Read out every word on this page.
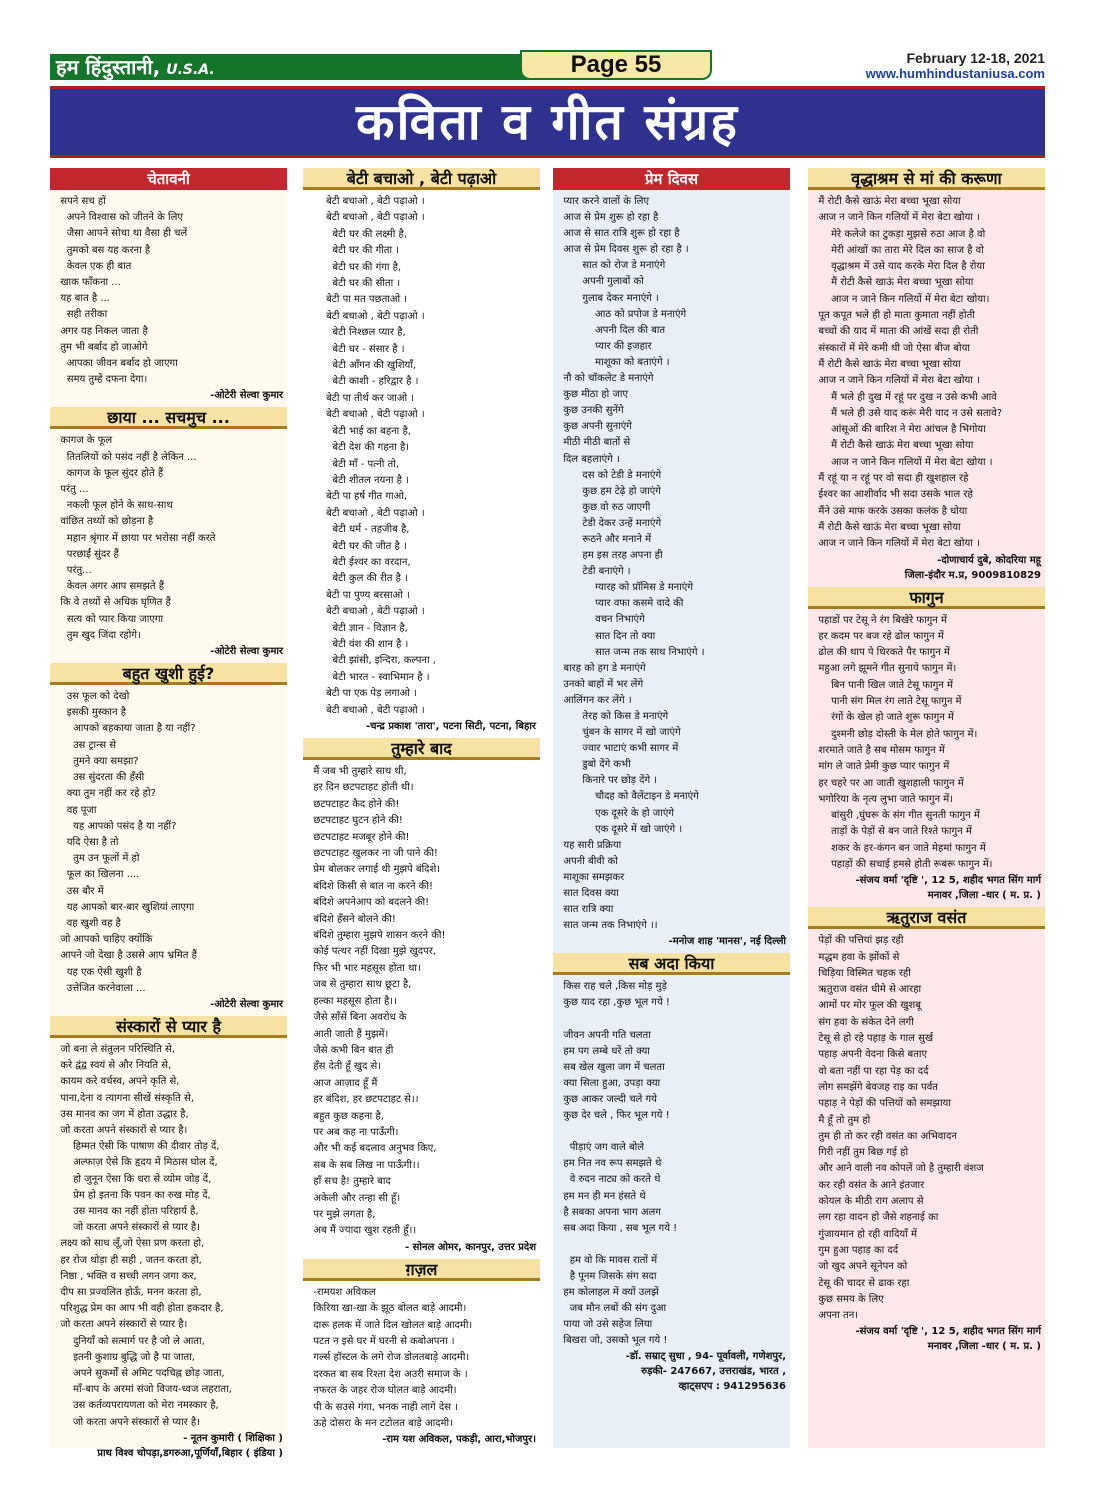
हम हिंदुस्तानी, U.S.A.	Page 55	February 12-18, 2021
www.humhindustaniusa.com
कविता व गीत संग्रह
चेतावनी
सपने सच हों
अपने विश्वास को जीतने के लिए
जैसा आपने सोचा था वैसा ही चलें
तुमको बस यह करना है
केवल एक ही बात
खाक फाँकना ...
यह बात है ...
सही तरीका
अगर यह निकल जाता है
तुम भी बर्बाद हो जाओगे
आपका जीवन बर्बाद हो जाएगा
समय तुम्हें दफना देगा।
-ओटेरी सेल्वा कुमार
छाया ... सचमुच ...
कागज के फूल
तितलियों को पसंद नहीं है लेकिन ...
कागज के फूल सुंदर होते हैं
परंतु ...
नकली फूल होने के साथ-साथ
वांछित तथ्यों को छोड़ना है
महान श्रृंगार में छाया पर भरोसा नहीं करते
परछाईं सुंदर हैं
परंतु...
केवल अगर आप समझते हैं
कि वे तथ्यों से अधिक घृणित हैं
सत्य को प्यार किया जाएगा
तुम खुद जिंदा रहोगे।
-ओटेरी सेल्वा कुमार
बहुत खुशी हुई?
उस फूल को देखो
इसकी मुस्कान है
आपको बहकाया जाता है या नहीं?
उस ट्रान्स से
तुमने क्या समझा?
उस सुंदरता की हँसी
क्या तुम नहीं कर रहे हो?
वह पूजा
यह आपको पसंद है या नहीं?
यदि ऐसा है तो
तुम उन फूलों में हो
फूल का खिलना ....
उस बौर में
यह आपको बार-बार खुशियां लाएगा
वह खुशी वह है
जो आपको चाहिए क्योंकि
आपने जो देखा है उससे आप भ्रमित हैं
यह एक ऐसी खुशी है
उत्तेजित करनेवाला ...
-ओटेरी सेल्वा कुमार
संस्कारों से प्यार है
जो बना ले संतुलन परिस्थिति से,
करे द्वंद्व स्वयं से और नियति से,
कायम करे वर्चस्व, अपने कृति से,
पाना,देना व त्यागना सीखें संस्कृति से,
उस मानव का जग में होता उद्धार है,
जो करता अपने संस्कारों से प्यार है।
हिम्मत ऐसी कि पाषाण की दीवार तोड़ दें,
अल्फाज़ ऐसे कि हृदय में मिठास घोल दें,
हो जुनून ऐसा कि धरा से व्योम जोड़ दें,
प्रेम हो इतना कि पवन का रुख मोड़ दें,
उस मानव का नहीं होता परिहार्य है,
जो करता अपने संस्कारों से प्यार है।
लक्ष्य को साध लूँ,जो ऐसा प्रण करता हो,
हर रोज थोड़ा ही सही , जतन करता हो,
निष्ठा , भक्ति व सच्ची लगन जगा कर,
दीप सा प्रज्वलित होऊँ, मनन करता हो,
परिशुद्ध प्रेम का आप भी वही होता हकदार है,
जो करता अपने संस्कारों से प्यार है।
दुनियाँ को सत्मार्ग पर है जो ले आता,
इतनी कुशाग्र बुद्धि जो है पा जाता,
अपने सुकर्मों से अमिट पदचिह्न छोड़ जाता,
माँ-बाप के अरमां संजो विजय-ध्वज लहराता,
उस कर्तव्यपरायणता को मेरा नमस्कार है,
जो करता अपने संस्कारों से प्यार है।
- नूतन कुमारी ( शिक्षिका )
प्राथ विश्व चोपड़ा,डगरुआ,पूर्णियाँ,बिहार ( इंडिया )
बेटी बचाओ , बेटी पढ़ाओ
बेटी बचाओ , बेटी पढ़ाओ ।
बेटी बचाओ , बेटी पढ़ाओ ।
बेटी घर की लक्ष्मी है,
बेटी घर की गीता ।
बेटी घर की गंगा है,
बेटी घर की सीता ।
बेटी पा मत पछताओ ।
बेटी बचाओ , बेटी पढ़ाओ ।
बेटी निश्छल प्यार है,
बेटी घर - संसार है ।
बेटी आँगन की खुशियाँ,
बेटी काशी - हरिद्वार है ।
बेटी पा तीर्थ कर जाओ ।
बेटी बचाओ , बेटी पढ़ाओ ।
बेटी भाई का बहना है,
बेटी देश की गहना है।
बेटी माँ - पत्नी तो,
बेटी शीतल नयना है ।
बेटी पा हर्ष गीत गाओ,
बेटी बचाओ , बेटी पढ़ाओ ।
बेटी धर्म - तहजीब है,
बेटी घर की जीत है ।
बेटी ईश्वर का वरदान,
बेटी कुल की रीत है ।
बेटी पा पुण्य बरसाओ ।
बेटी बचाओ , बेटी पढ़ाओ ।
बेटी ज्ञान - विज्ञान है,
बेटी वंश की शान है ।
बेटी झांसी, इन्दिरा, कल्पना ,
बेटी भारत - स्वाभिमान है ।
बेटी पा एक पेड़ लगाओ ।
बेटी बचाओ , बेटी पढ़ाओ ।
-चन्द्र प्रकाश 'तारा', पटना सिटी, पटना, बिहार
तुम्हारे बाद
मैं जब भी तुम्हारे साथ थी,
हर दिन छटपटाहट होती थी।
छटपटाहट कैद होने की!
छटपटाहट घुटन होने की!
छटपटाहट मजबूर होने की!
छटपटाहट खुलकर ना जी पाने की!
प्रेम बोलकर लगाई थी मुझपे बंदिशे।
बंदिशे किसी से बात ना करने की!
बंदिशे अपनेआप को बदलने की!
बंदिशे हँसने बोलने की!
बंदिशे तुम्हारा मुझपे शासन करने की!
कोई पत्थर नहीं दिखा मुझे खुदपर,
फिर भी भार महसूस होता था।
जब से तुम्हारा साथ छूटा है,
हल्का महसूस होता है।।
जैसे साँसें बिना अवरोध के
आती जाती हैं मुझमें।
जैसे कभी बिन बात ही
हँस देती हूँ खुद से।
आज आज़ाद हूँ मैं
हर बंदिश, हर छटपटाहट से।।
बहुत कुछ कहना है,
पर अब कह ना पाऊँगी।
और भी कई बदलाव अनुभव किए,
सब के सब लिख ना पाऊँगी।।
हाँ सच है! तुम्हारे बाद
अकेली और तन्हा सी हूँ।
पर मुझे लगता है,
अब मैं ज्यादा खुश रहती हूँ।।
- सोनल ओमर, कानपुर, उत्तर प्रदेश
ग़ज़ल
-रामयश अविकल
किरिया खा-खा के झूठ बोलत बाड़े आदमी।
दारू हलक में जाते दिल खोलत बाड़े आदमी।
पटत न इसे घर में घरनी से कबोअपना ।
गर्ल्स हॉस्टल के लगे रोज डोलतबाड़े आदमी।
दरकत बा सब रिश्ता देश अउरी समाज के ।
नफरत के जहर रोज घोलत बाड़े आदमी।
पी के सउसे गंगा, भनक नाही लागे देस ।
ऊहे दोसरा के मन टटोलत बाड़े आदमी।
-राम यश अविकल, पकड़ी, आरा,भोजपुर।
प्रेम दिवस
प्यार करने वालों के लिए
आज से प्रेम शुरू हो रहा है
आज से सात रात्रि शुरू हो रहा है
आज से प्रेम दिवस शुरू हो रहा है ।
सात को रोज डे मनाएंगे
अपनी गुलाबों को
गुलाब देकर मनाएंगे ।
आठ को प्रपोज डे मनाएंगे
अपनी दिल की बात
प्यार की इजहार
माशूका को बताएंगे ।
नौ को चॉकलेट डे मनाएंगे
कुछ मीठा हो जाए
कुछ उनकी सुनेंगे
कुछ अपनी सुनाएंगे
मीठी मीठी बातों से
दिल बहलाएंगे ।
दस को टेडी डे मनाएंगे
कुछ हम टेढ़े हो जाएंगे
कुछ वो रुठ जाएगी
टेडी देकर उन्हें मनाएंगे
रूठने और मनाने में
हम इस तरह अपना ही
टेडी बनाएंगे ।
ग्यारह को प्रॉमिस डे मनाएंगे
प्यार वफा कसमे वादे की
वचन निभाएंगे
सात दिन तो क्या
सात जन्म तक साथ निभाएंगे ।
बारह को हग डे मनाएंगे
उनको बाहों में भर लेंगे
आलिंगन कर लेंगे ।
तेरह को किस डे मनाएंगे
चुंबन के सागर में खो जाएंगे
ज्वार भाटाएं कभी सागर में
डुबो देंगे कभी
किनारे पर छोड़ देंगे ।
चौदह को वैलेंटाइन डे मनाएंगे
एक दूसरे के हो जाएंगे
एक दूसरे में खो जाएंगे ।
यह सारी प्रक्रिया
अपनी बीवी को
माशूका समझकर
सात दिवस क्या
सात रात्रि क्या
सात जन्म तक निभाएंगे ।।
-मनोज शाह 'मानस', नई दिल्ली
सब अदा किया
किस राह चले ,किस मोड़ मुड़े
कुछ याद रहा ,कुछ भूल गये !

जीवन अपनी गति चलता
हम पग लम्बे धरें तो क्या
सब खेल खुला जग में चलता
क्या सिला हुआ, उपड़ा क्या
कुछ आकर जल्दी चले गये
कुछ देर चले , फिर भूल गये !

पीड़ाएं जग वाले बोले
हम नित नव रूप समझते थे
वे रुदन नाट्य को करते थे
हम मन ही मन हंसते थे
है सबका अपना भाग अलग
सब अदा किया , सब भूल गये !

हम वो कि मावस रातों में
है पूनम जिसके संग सदा
हम कोलाहल में क्यों उलझें
जब मौन लबों की संग दुआ
पाया जो उसे सहेज लिया
बिखरा जो, उसको भूल गये !
-डॉ. सम्राट् सुधा , 94- पूर्वावली, गणेशपुर,
रुड़की- 247667, उत्तराखंड, भारत ,
व्हाट्सएप : 941295636
वृद्धाश्रम से मां की करूणा
मैं रोटी कैसे खाऊं मेरा बच्चा भूखा सोया
आज न जाने किन गलियों में मेरा बेटा खोया ।
मेरे कलेजे का टुकड़ा मुझसे रुठा आज है वो
मेरी आंखों का तारा मेरे दिल का साज है वो
वृद्धाश्रम में उसे याद करके मेरा दिल है रोया
मैं रोटी कैसे खाऊं मेरा बच्चा भूखा सोया
आज न जाने किन गलियों में मेरा बेटा खोया।
पूत कपूत भले ही हो माता कुमाता नहीं होती
बच्चों की याद में माता की आंखें सदा ही रोती
संस्कारों में मेरे कमी थी जो ऐसा बीज बोया
मैं रोटी कैसे खाऊं मेरा बच्चा भूखा सोया
आज न जाने किन गलियों में मेरा बेटा खोया ।
मैं भले ही दुख में रहूं पर दुख न उसे कभी आवे
मैं भले ही उसे याद करूं मेरी याद न उसे सतावे?
आंसूओं की बारिश ने मेरा आंचल है भिगोया
मैं रोटी कैसे खाऊं मेरा बच्चा भूखा सोया
आज न जाने किन गलियों में मेरा बेटा खोया ।
मैं रहूं या न रहूं पर वो सदा ही खुशहाल रहे
ईश्वर का आशीर्वाद भी सदा उसके भाल रहे
मैंने उसे माफ करके उसका कलंक है धोया
मैं रोटी कैसे खाऊं मेरा बच्चा भूखा सोया
आज न जाने किन गलियों में मेरा बेटा खोया ।
-दोणाचार्य दुबे, कोदरिया महू
जिला-इंदौर म.प्र, 9009810829
फागुन
पहाडों पर टेसू ने रंग बिखेरे फागुन में
हर कदम पर बज रहे ढोल फागुन में
ढोल की थाप पे थिरकते पैर फागुन में
महुआ लगे झूमने गीत सुनाये फागुन में।
बिन पानी खिल जाते टेसू फागुन में
पानी संग मिल रंग लाते टेसू फागुन में
रंगों के खेल हो जाते शुरू फागुन में
दुश्मनी छोड़ दोस्ती के मेल होते फागुन में।
शरमाते जाते है सब मोसम फागुन में
मांग ले जाते प्रेमी कुछ प्यार फागुन में
हर चहरे पर आ जाती खुशहाली फागुन में
भगोरिया के नृत्य लुभा जाते फागुन में।
बांसुरी ,घुंघरू के संग गीत सुनती फागुन में
ताड़ों के पेड़ों से बन जाते रिश्ते फागुन में
शकर के हर-कंगन बन जाते मेहमां फागुन में
पहाड़ों की सचाई हमसे होती रूबरू फागुन में।
-संजय वर्मा 'दृष्टि ', 12 5, शहीद भगत सिंग मार्ग
मनावर ,जिला -धार ( म. प्र. )
ऋतुराज वसंत
पेड़ों की पत्तियां झड़ रही
मद्धम हवा के झोंकों से
चिड़िया विस्मित चहक रही
ऋतुराज वसंत धीमे से आरहा
आमों पर मोर फूल की खुशबू
संग हवा के संकेत देने लगी
टेसू से हो रहे पहाड़ के गाल सुर्ख
पहाड़ अपनी वेदना किसे बताए
वो बता नहीं पा रहा पेड़ का दर्द
लोग समझेंगे बेवजह राइ का पर्वत
पहाड़ ने पेड़ों की पत्तियों को समझाया
मै हूँ तो तुम हो
तुम ही तो कर रही वसंत का अभिवादन
गिरी नहीं तुम बिछ गई हो
और आने वाली नव कोपलें जो है तुम्हारी वंशज
कर रही वसंत के आने इंतजार
कोयल के मीठी राग अलाप से
लग रहा वादन हो जैसे शहनाई का
गुंजायमान हो रही वादियाँ में
गुम हुआ पहाड़ का दर्द
जो खुद अपने सूनेपन को
टेसू की चादर से ढाक रहा
कुछ समय के लिए
अपना तन।
-संजय वर्मा 'दृष्टि ', 12 5, शहीद भगत सिंग मार्ग
मनावर ,जिला -धार ( म. प्र. )
